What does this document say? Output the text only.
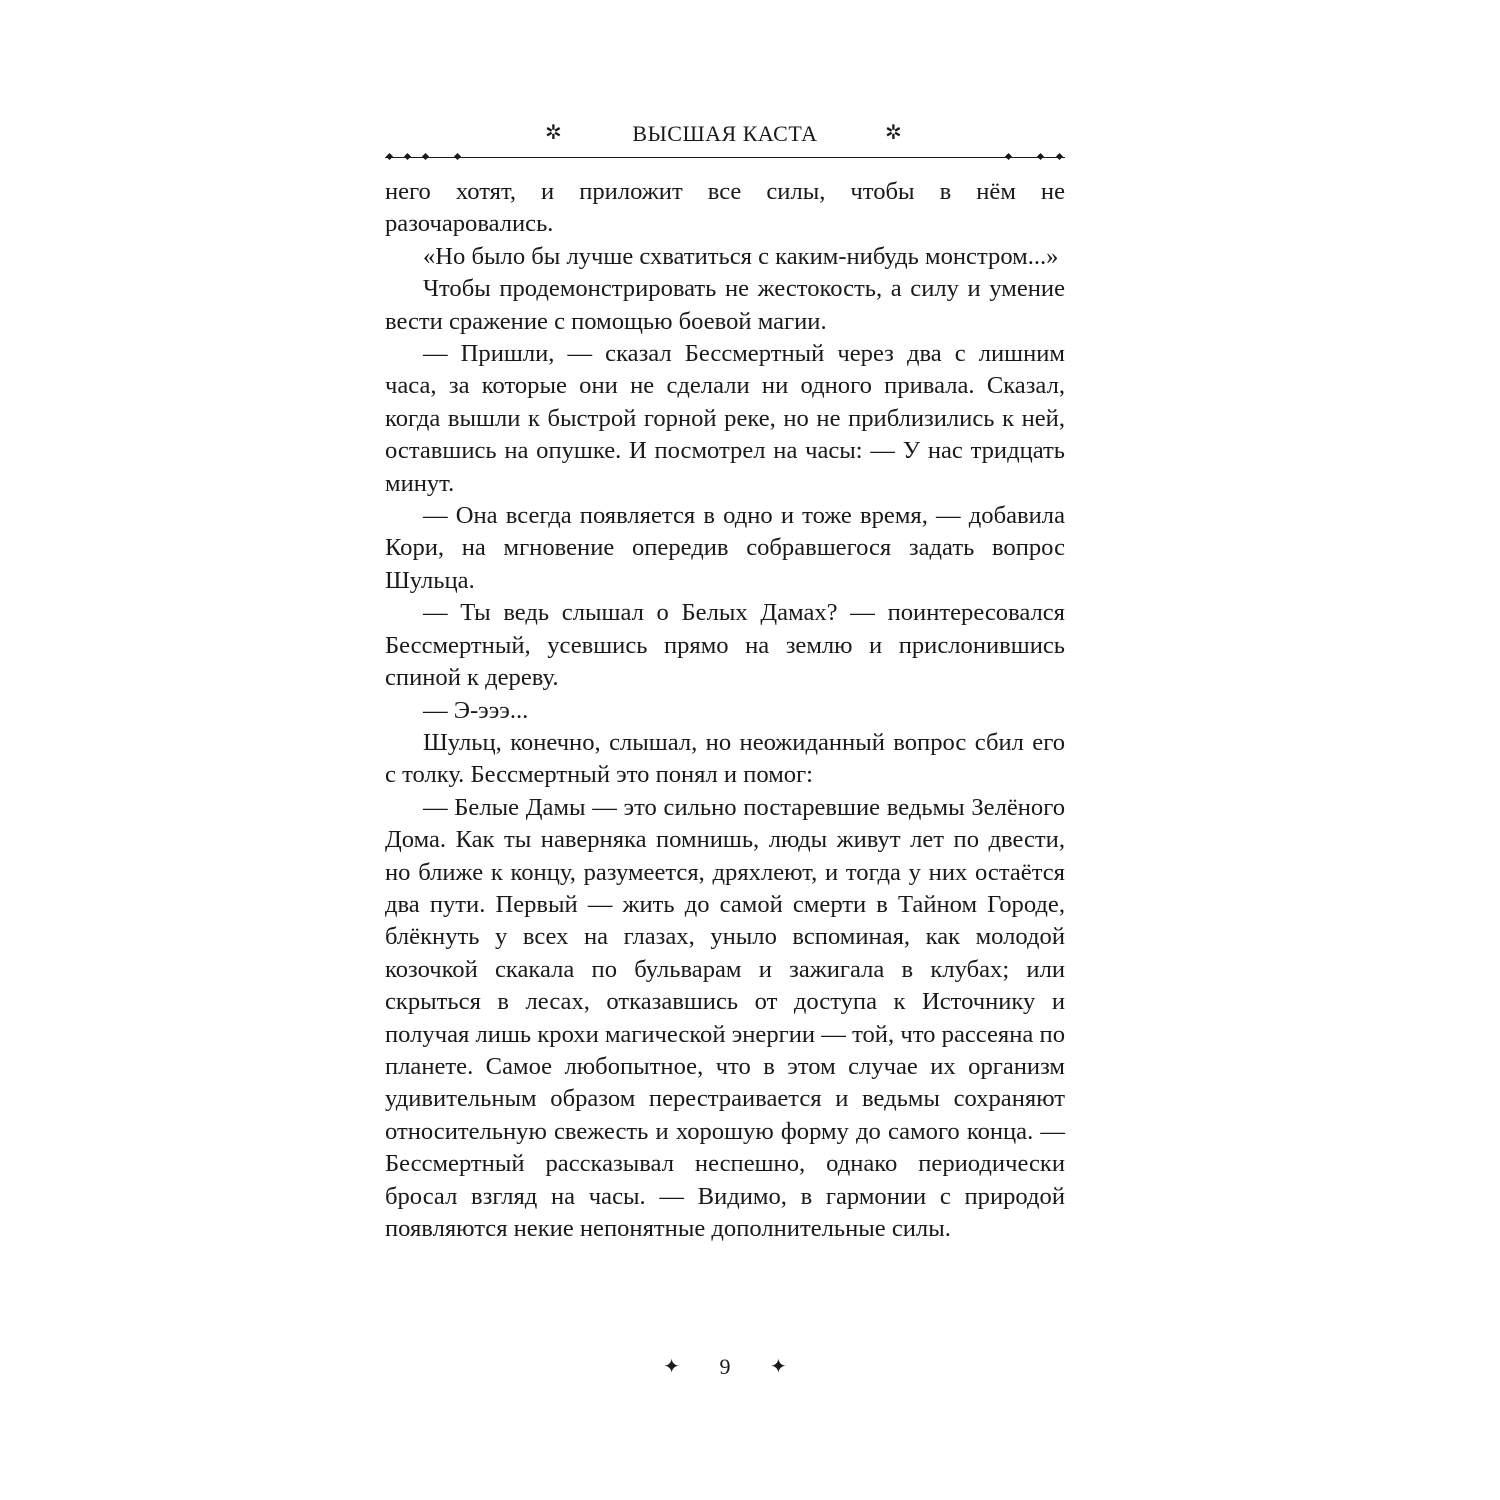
✲	ВЫСШАЯ КАСТА	✲

него хотят, и приложит все силы, чтобы в нём не разочаровались.

«Но было бы лучше схватиться с каким-нибудь монстром...»

Чтобы продемонстрировать не жестокость, а силу и умение вести сражение с помощью боевой магии.

— Пришли, — сказал Бессмертный через два с лишним часа, за которые они не сделали ни одного привала. Сказал, когда вышли к быстрой горной реке, но не приблизились к ней, оставшись на опушке. И посмотрел на часы: — У нас тридцать минут.

— Она всегда появляется в одно и тоже время, — добавила Кори, на мгновение опередив собравшегося задать вопрос Шульца.

— Ты ведь слышал о Белых Дамах? — поинтересовался Бессмертный, усевшись прямо на землю и прислонившись спиной к дереву.

— Э-эээ...

Шульц, конечно, слышал, но неожиданный вопрос сбил его с толку. Бессмертный это понял и помог:

— Белые Дамы — это сильно постаревшие ведьмы Зелёного Дома. Как ты наверняка помнишь, люды живут лет по двести, но ближе к концу, разумеется, дряхлеют, и тогда у них остаётся два пути. Первый — жить до самой смерти в Тайном Городе, блёкнуть у всех на глазах, уныло вспоминая, как молодой козочкой скакала по бульварам и зажигала в клубах; или скрыться в лесах, отказавшись от доступа к Источнику и получая лишь крохи магической энергии — той, что рассеяна по планете. Самое любопытное, что в этом случае их организм удивительным образом перестраивается и ведьмы сохраняют относительную свежесть и хорошую форму до самого конца. — Бессмертный рассказывал неспешно, однако периодически бросал взгляд на часы. — Видимо, в гармонии с природой появляются некие непонятные дополнительные силы.

✦ 9 ✦
